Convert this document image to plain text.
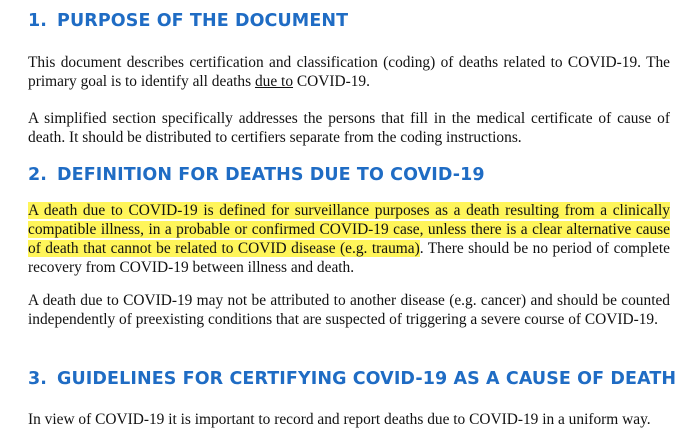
1. PURPOSE OF THE DOCUMENT

This document describes certification and classification (coding) of deaths related to COVID-19. The primary goal is to identify all deaths due to COVID-19.

A simplified section specifically addresses the persons that fill in the medical certificate of cause of death. It should be distributed to certifiers separate from the coding instructions.

2. DEFINITION FOR DEATHS DUE TO COVID-19

A death due to COVID-19 is defined for surveillance purposes as a death resulting from a clinically compatible illness, in a probable or confirmed COVID-19 case, unless there is a clear alternative cause of death that cannot be related to COVID disease (e.g. trauma). There should be no period of complete recovery from COVID-19 between illness and death.

A death due to COVID-19 may not be attributed to another disease (e.g. cancer) and should be counted independently of preexisting conditions that are suspected of triggering a severe course of COVID-19.

3. GUIDELINES FOR CERTIFYING COVID-19 AS A CAUSE OF DEATH

In view of COVID-19 it is important to record and report deaths due to COVID-19 in a uniform way.
